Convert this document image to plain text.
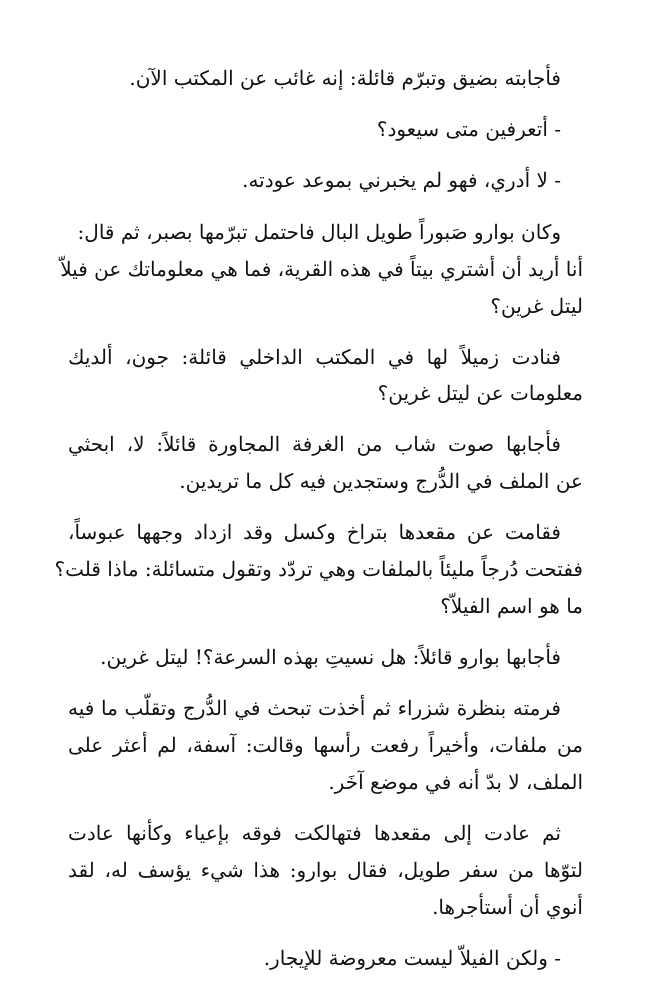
فأجابته بضيق وتبرّم قائلة: إنه غائب عن المكتب الآن.
- أتعرفين متى سيعود؟
- لا أدري، فهو لم يخبرني بموعد عودته.
وكان بوارو صَبوراً طويل البال فاحتمل تبرّمها بصبر، ثم قال:
أنا أريد أن أشتري بيتاً في هذه القرية، فما هي معلوماتك عن فيلاّ
ليتل غرين؟
فنادت زميلاً لها في المكتب الداخلي قائلة: جون، ألديك
معلومات عن ليتل غرين؟
فأجابها صوت شاب من الغرفة المجاورة قائلاً: لا، ابحثي
عن الملف في الدُّرج وستجدين فيه كل ما تريدين.
فقامت عن مقعدها بتراخ وكسل وقد ازداد وجهها عبوساً،
ففتحت دُرجاً مليئاً بالملفات وهي تردّد وتقول متسائلة: ماذا قلت؟
ما هو اسم الفيلاّ؟
فأجابها بوارو قائلاً: هل نسيتِ بهذه السرعة؟! ليتل غرين.
فرمته بنظرة شزراء ثم أخذت تبحث في الدُّرج وتقلّب ما فيه
من ملفات، وأخيراً رفعت رأسها وقالت: آسفة، لم أعثر على
الملف، لا بدّ أنه في موضع آخَر.
ثم عادت إلى مقعدها فتهالكت فوقه بإعياء وكأنها عادت
لتوّها من سفر طويل، فقال بوارو: هذا شيء يؤسف له، لقد
أنوي أن أستأجرها.
- ولكن الفيلاّ ليست معروضة للإيجار.
